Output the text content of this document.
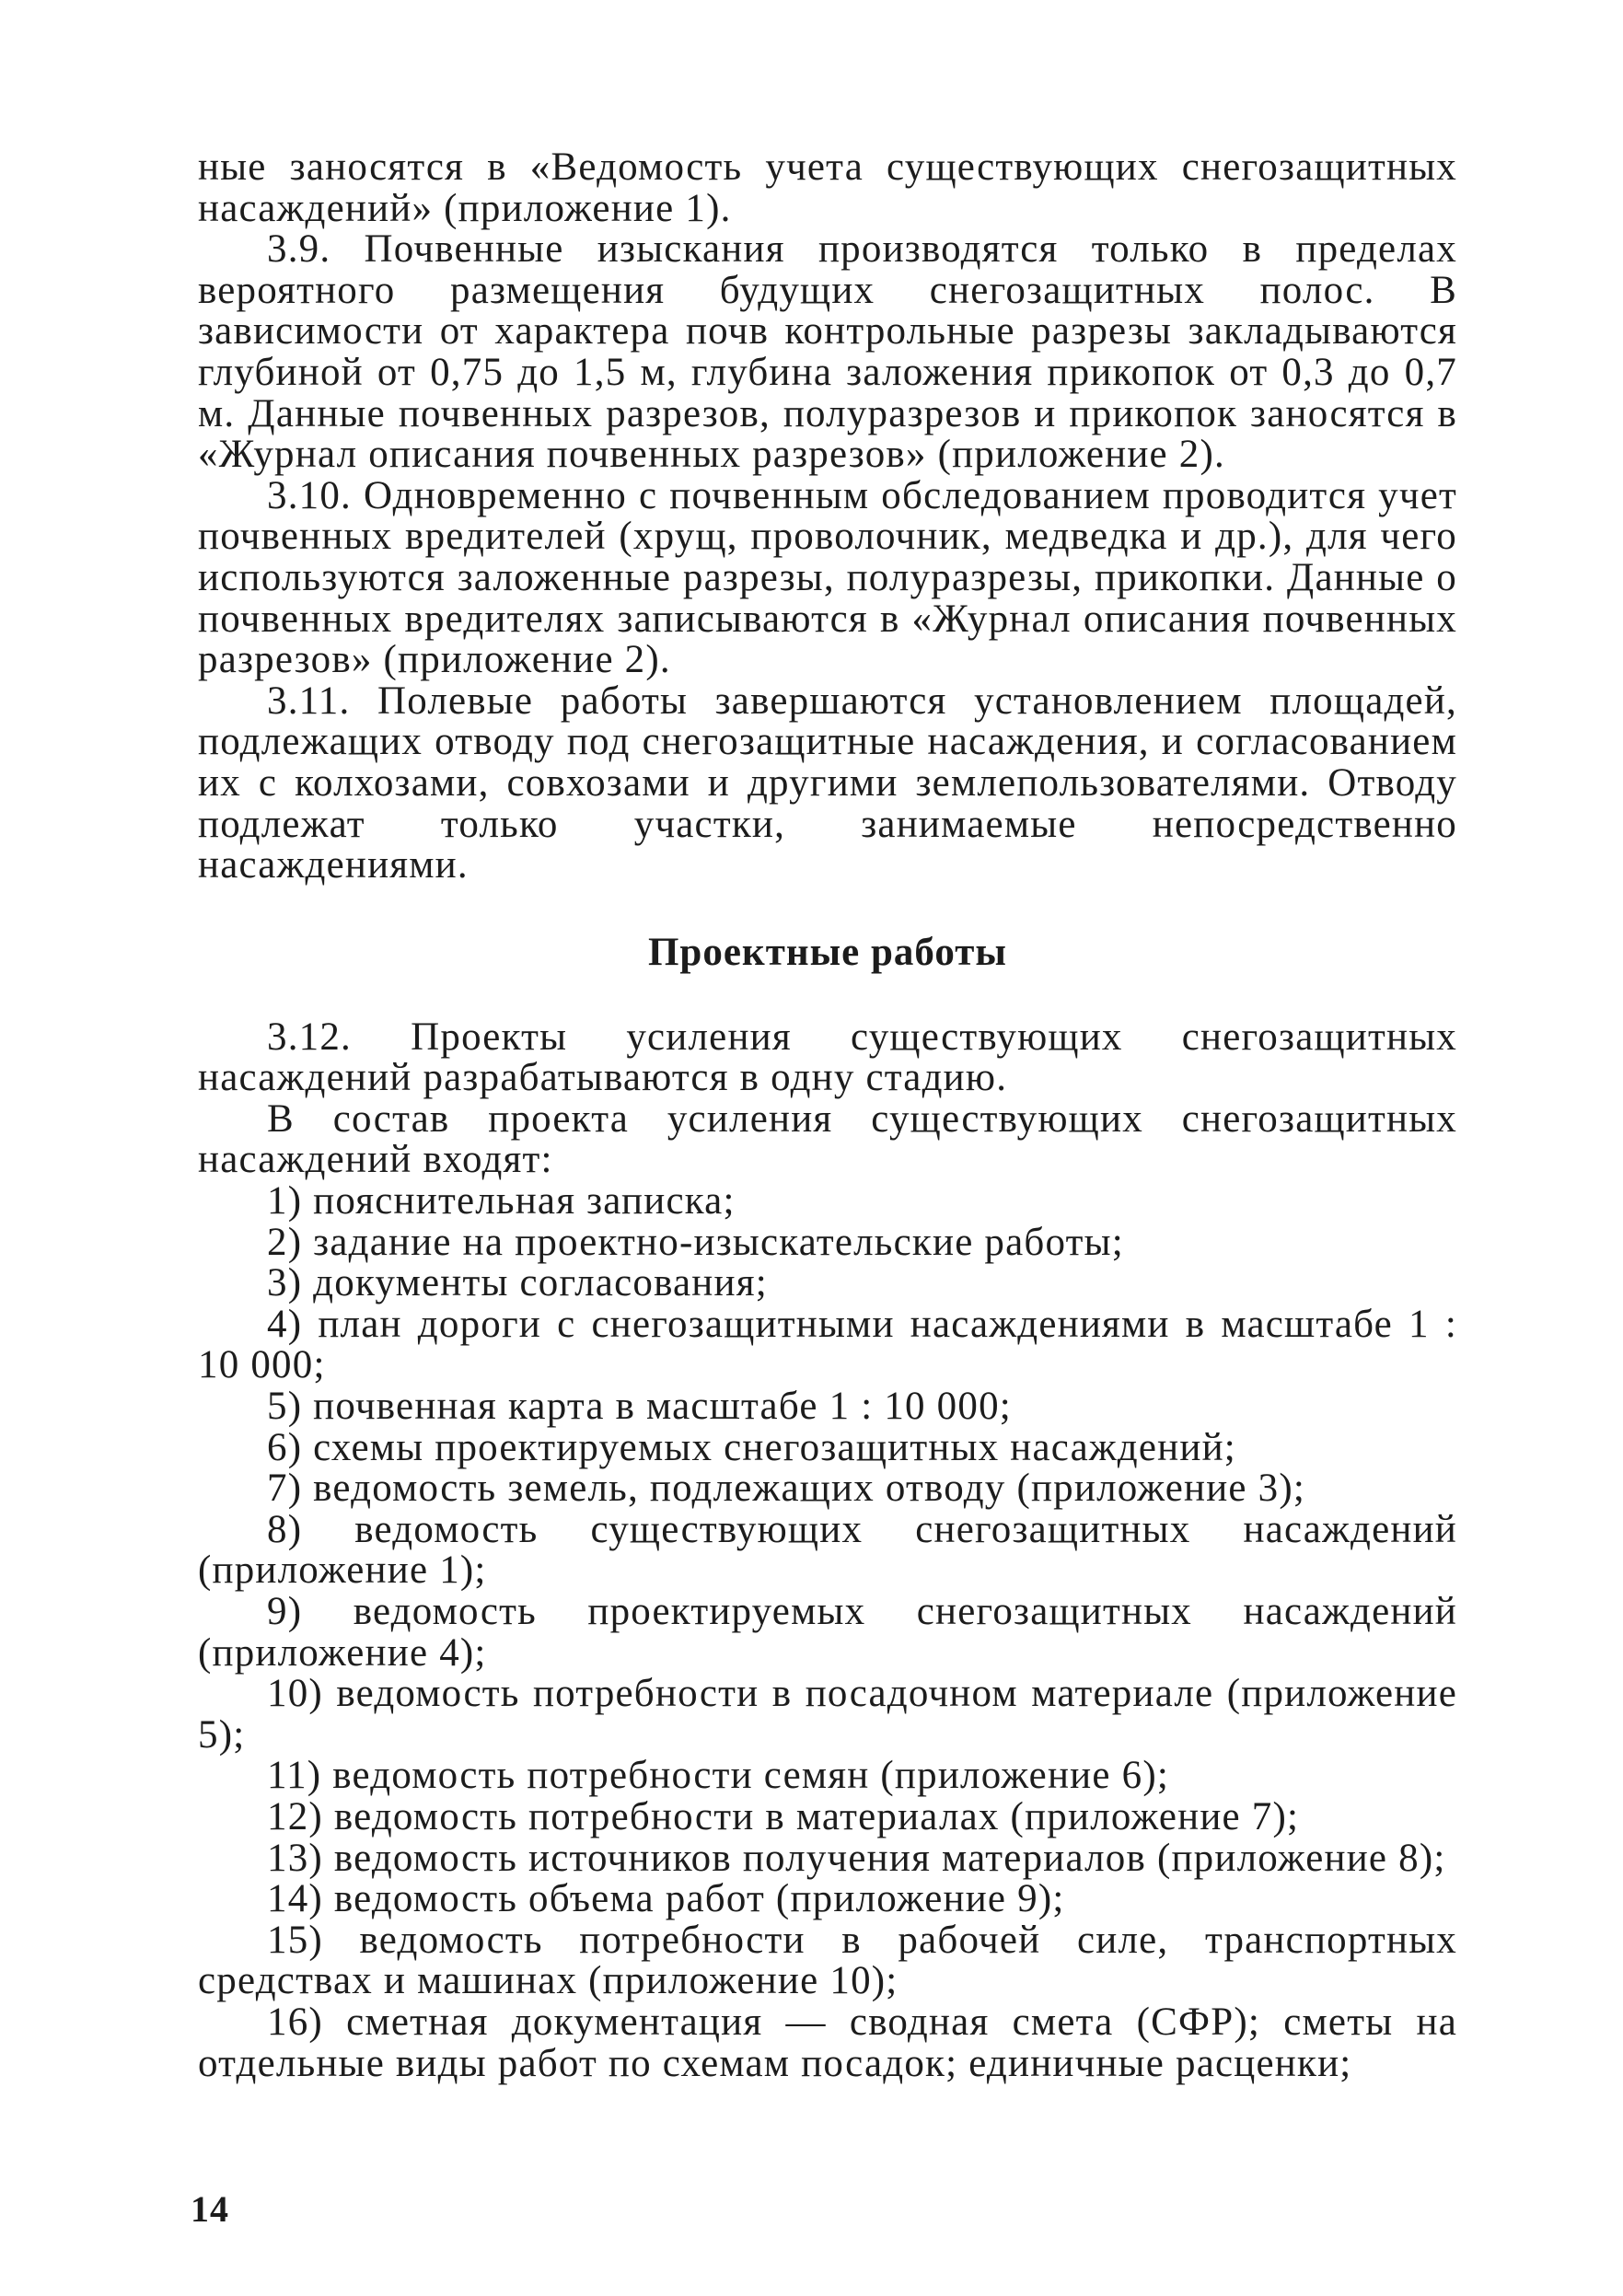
ные заносятся в «Ведомость учета существующих снегозащитных насаждений» (приложение 1).

3.9. Почвенные изыскания производятся только в пределах вероятного размещения будущих снегозащитных полос. В зависимости от характера почв контрольные разрезы закладываются глубиной от 0,75 до 1,5 м, глубина заложения прикопок от 0,3 до 0,7 м. Данные почвенных разрезов, полуразрезов и прикопок заносятся в «Журнал описания почвенных разрезов» (приложение 2).

3.10. Одновременно с почвенным обследованием проводится учет почвенных вредителей (хрущ, проволочник, медведка и др.), для чего используются заложенные разрезы, полуразрезы, прикопки. Данные о почвенных вредителях записываются в «Журнал описания почвенных разрезов» (приложение 2).

3.11. Полевые работы завершаются установлением площадей, подлежащих отводу под снегозащитные насаждения, и согласованием их с колхозами, совхозами и другими землепользователями. Отводу подлежат только участки, занимаемые непосредственно насаждениями.

Проектные работы

3.12. Проекты усиления существующих снегозащитных насаждений разрабатываются в одну стадию.

В состав проекта усиления существующих снегозащитных насаждений входят:

1) пояснительная записка;

2) задание на проектно-изыскательские работы;

3) документы согласования;

4) план дороги с снегозащитными насаждениями в масштабе 1 : 10 000;

5) почвенная карта в масштабе 1 : 10 000;

6) схемы проектируемых снегозащитных насаждений;

7) ведомость земель, подлежащих отводу (приложение 3);

8) ведомость существующих снегозащитных насаждений (приложение 1);

9) ведомость проектируемых снегозащитных насаждений (приложение 4);

10) ведомость потребности в посадочном материале (приложение 5);

11) ведомость потребности семян (приложение 6);

12) ведомость потребности в материалах (приложение 7);

13) ведомость источников получения материалов (приложение 8);

14) ведомость объема работ (приложение 9);

15) ведомость потребности в рабочей силе, транспортных средствах и машинах (приложение 10);

16) сметная документация — сводная смета (СФР); сметы на отдельные виды работ по схемам посадок; единичные расценки;

14
